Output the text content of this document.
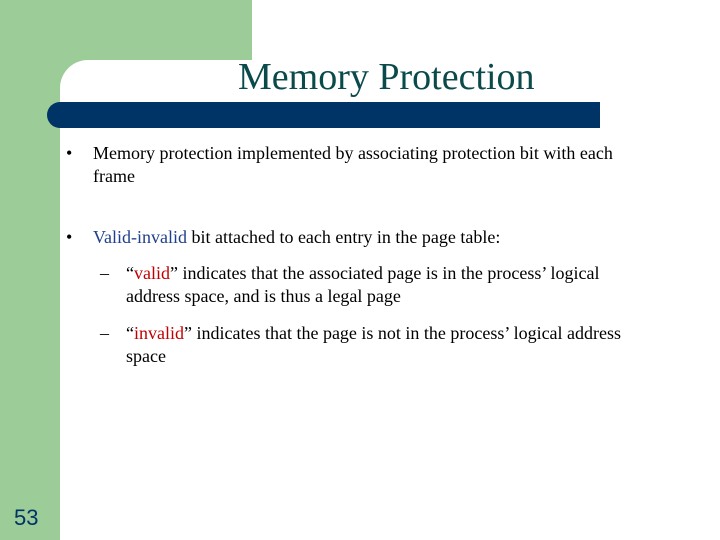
Memory Protection
• Memory protection implemented by associating protection bit with each frame
• Valid-invalid bit attached to each entry in the page table:
– “valid” indicates that the associated page is in the process’ logical address space, and is thus a legal page
– “invalid” indicates that the page is not in the process’ logical address space
53
